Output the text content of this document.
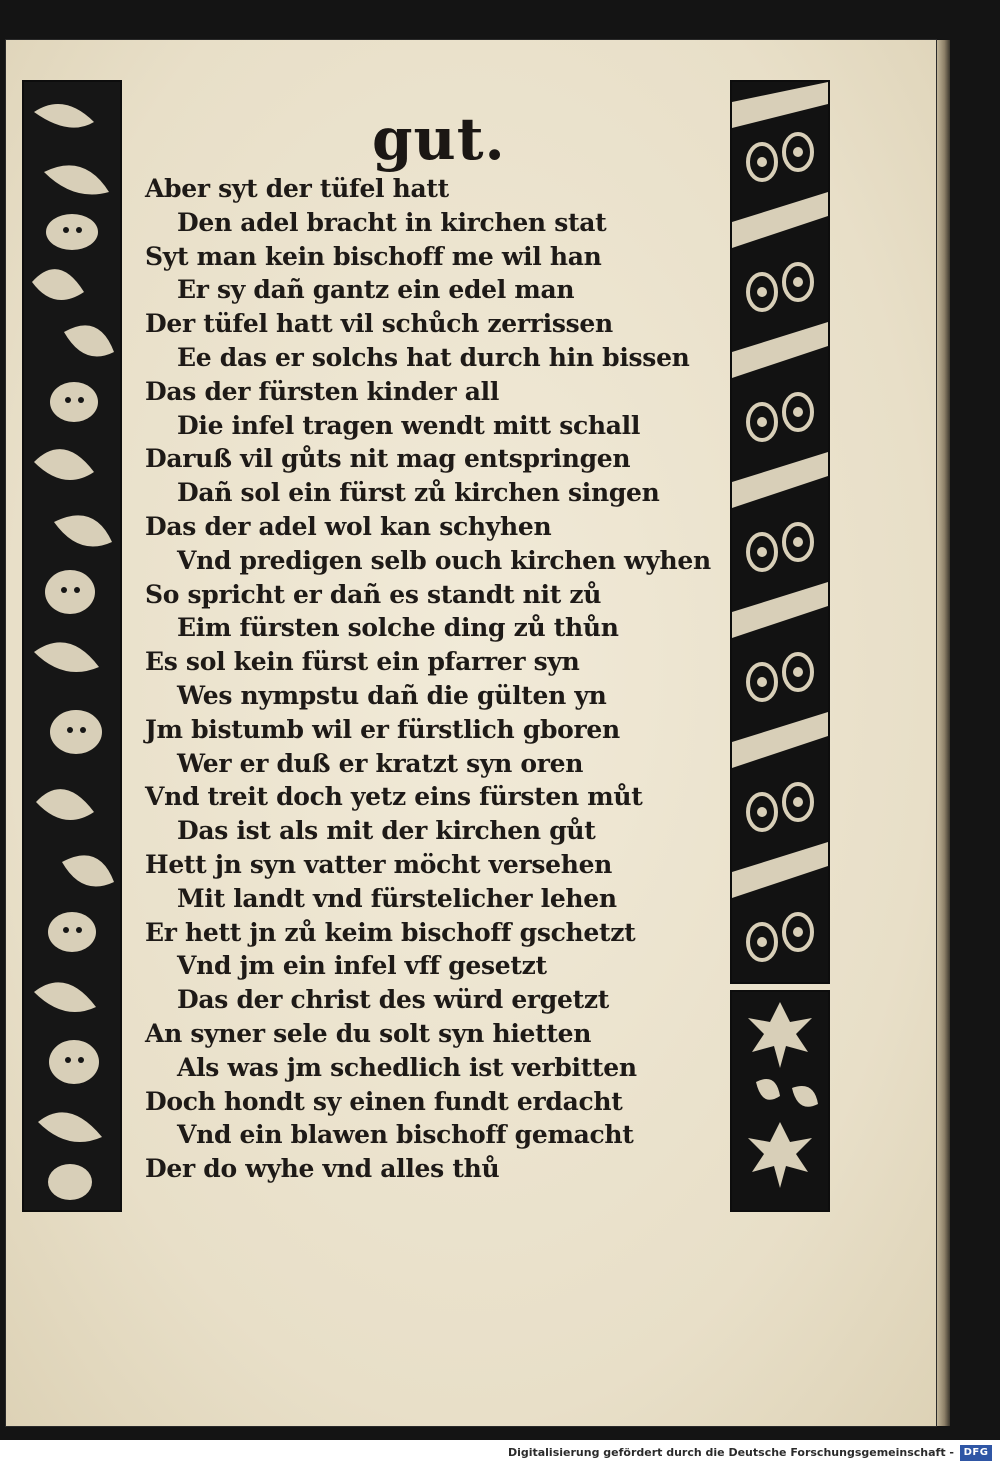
gut.
Aber syt der tüfel hatt
Den adel bracht in kirchen stat
Syt man kein bischoff me wil han
Er sy dañ gantz ein edel man
Der tüfel hatt vil schůch zerrissen
Ee das er solchs hat durch hin bissen
Das der fürsten kinder all
Die infel tragen wendt mitt schall
Daruß vil gůts nit mag entspringen
Dañ sol ein fürst zů kirchen singen
Das der adel wol kan schyhen
Vnd predigen selb ouch kirchen wyhen
So spricht er dañ es standt nit zů
Eim fürsten solche ding zů thůn
Es sol kein fürst ein pfarrer syn
Wes nympstu dañ die gülten yn
Jm bistumb wil er fürstlich gboren
Wer er duß er kratzt syn oren
Vnd treit doch yetz eins fürsten můt
Das ist als mit der kirchen gůt
Hett jn syn vatter möcht versehen
Mit landt vnd fürstelicher lehen
Er hett jn zů keim bischoff gschetzt
Vnd jm ein infel vff gesetzt
Das der christ des würd ergetzt
An syner sele du solt syn hietten
Als was jm schedlich ist verbitten
Doch hondt sy einen fundt erdacht
Vnd ein blawen bischoff gemacht
Der do wyhe vnd alles thů
Digitalisierung gefördert durch die Deutsche Forschungsgemeinschaft - DFG
